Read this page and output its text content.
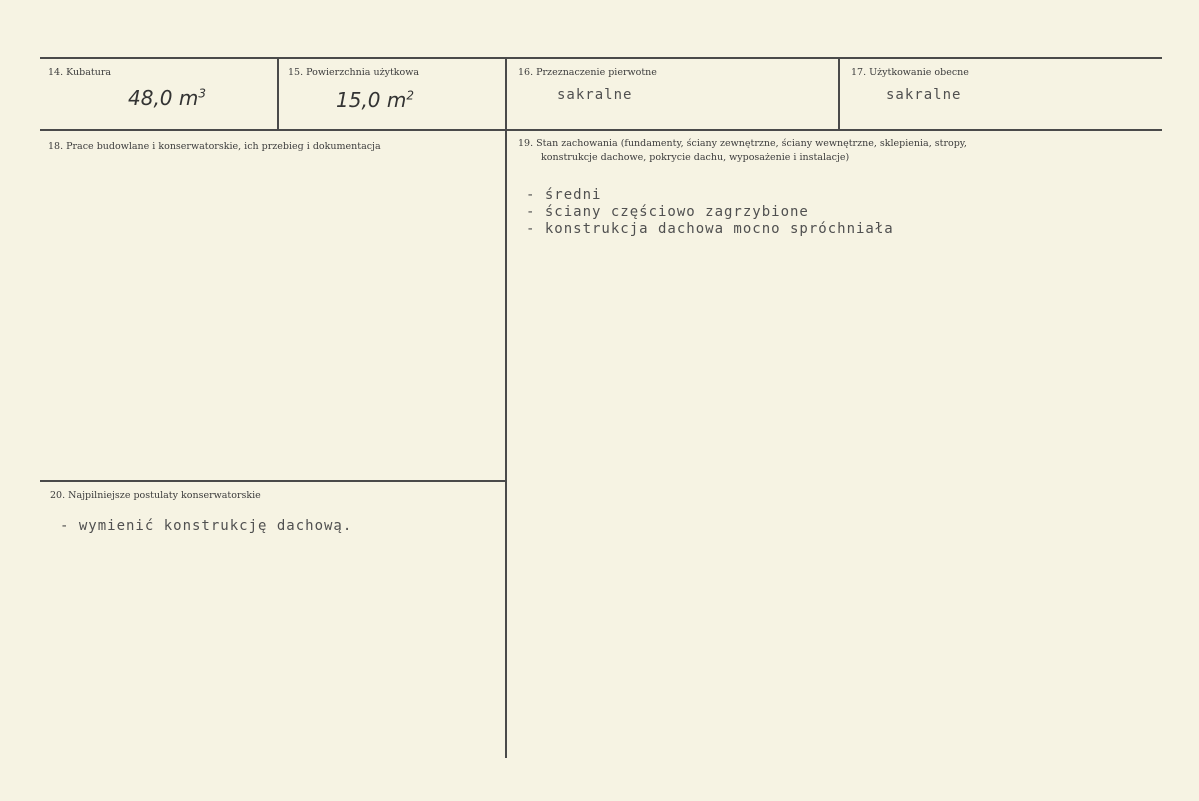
14. Kubatura
48,0 $m^3$
15. Powierzchnia użytkowa
15,0 $m^2$
16. Przeznaczenie pierwotne
sakralne
17. Użytkowanie obecne
sakralne
18. Prace budowlane i konserwatorskie, ich przebieg i dokumentacja	19. Stan zachowania (fundamenty, ściany zewnętrzne, ściany wewnętrzne, sklepienia, stropy,
konstrukcje dachowe, pokrycie dachu, wyposażenie i instalacje)
- średni
- ściany częściowo zagrzybione
- konstrukcja dachowa mocno spróchniała
20. Najpilniejsze postulaty konserwatorskie
- wymienić konstrukcję dachową.
